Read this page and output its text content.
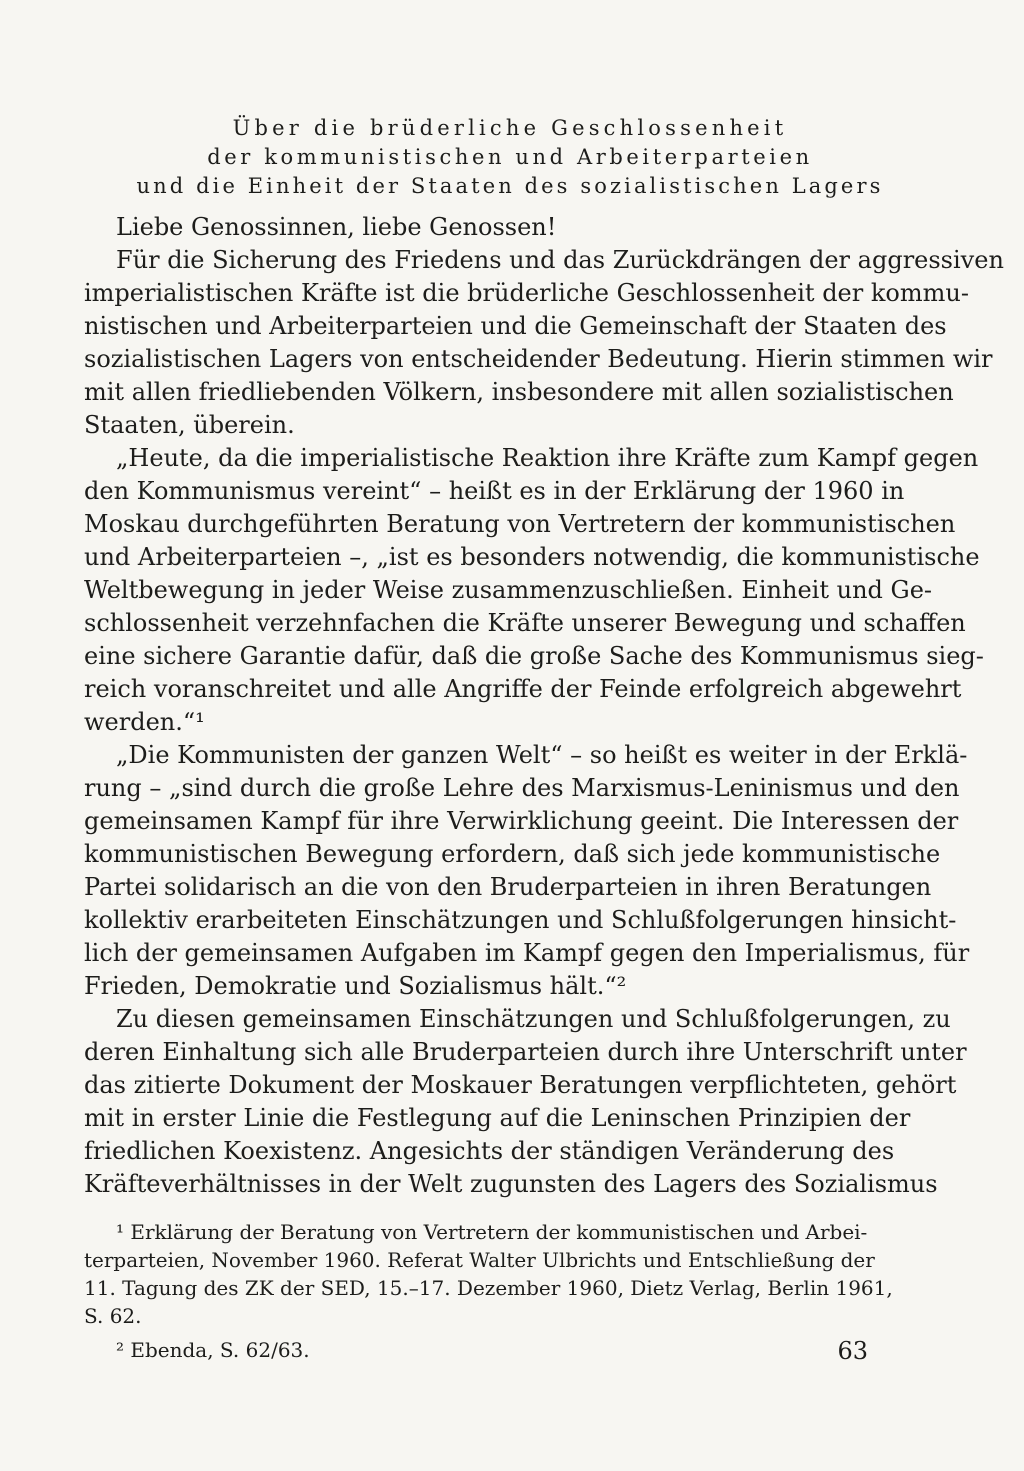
Über die brüderliche Geschlossenheit
der kommunistischen und Arbeiterparteien
und die Einheit der Staaten des sozialistischen Lagers
Liebe Genossinnen, liebe Genossen!
Für die Sicherung des Friedens und das Zurückdrängen der aggressiven
imperialistischen Kräfte ist die brüderliche Geschlossenheit der kommu-
nistischen und Arbeiterparteien und die Gemeinschaft der Staaten des
sozialistischen Lagers von entscheidender Bedeutung. Hierin stimmen wir
mit allen friedliebenden Völkern, insbesondere mit allen sozialistischen
Staaten, überein.
„Heute, da die imperialistische Reaktion ihre Kräfte zum Kampf gegen
den Kommunismus vereint“ – heißt es in der Erklärung der 1960 in
Moskau durchgeführten Beratung von Vertretern der kommunistischen
und Arbeiterparteien –, „ist es besonders notwendig, die kommunistische
Weltbewegung in jeder Weise zusammenzuschließen. Einheit und Ge-
schlossenheit verzehnfachen die Kräfte unserer Bewegung und schaffen
eine sichere Garantie dafür, daß die große Sache des Kommunismus sieg-
reich voranschreitet und alle Angriffe der Feinde erfolgreich abgewehrt
werden.“¹
„Die Kommunisten der ganzen Welt“ – so heißt es weiter in der Erklä-
rung – „sind durch die große Lehre des Marxismus-Leninismus und den
gemeinsamen Kampf für ihre Verwirklichung geeint. Die Interessen der
kommunistischen Bewegung erfordern, daß sich jede kommunistische
Partei solidarisch an die von den Bruderparteien in ihren Beratungen
kollektiv erarbeiteten Einschätzungen und Schlußfolgerungen hinsicht-
lich der gemeinsamen Aufgaben im Kampf gegen den Imperialismus, für
Frieden, Demokratie und Sozialismus hält.“²
Zu diesen gemeinsamen Einschätzungen und Schlußfolgerungen, zu
deren Einhaltung sich alle Bruderparteien durch ihre Unterschrift unter
das zitierte Dokument der Moskauer Beratungen verpflichteten, gehört
mit in erster Linie die Festlegung auf die Leninschen Prinzipien der
friedlichen Koexistenz. Angesichts der ständigen Veränderung des
Kräfteverhältnisses in der Welt zugunsten des Lagers des Sozialismus
¹ Erklärung der Beratung von Vertretern der kommunistischen und Arbei-
terparteien, November 1960. Referat Walter Ulbrichts und Entschließung der
11. Tagung des ZK der SED, 15.–17. Dezember 1960, Dietz Verlag, Berlin 1961,
S. 62.
² Ebenda, S. 62/63.	63
